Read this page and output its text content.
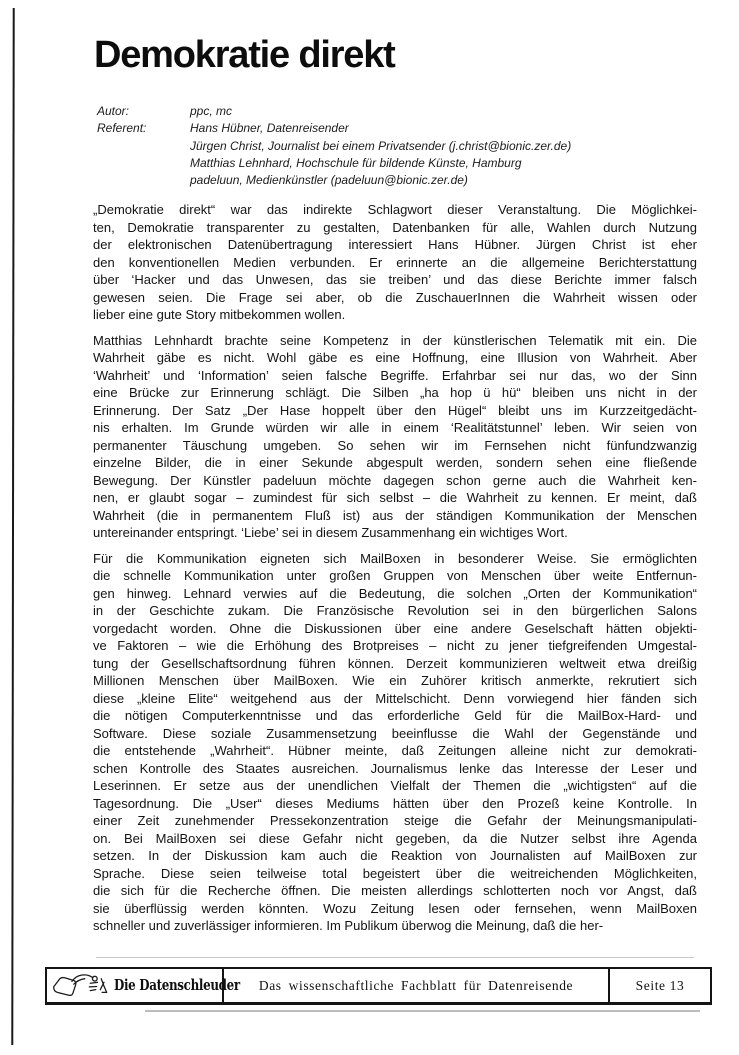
Demokratie direkt
Autor:	ppc, mc
Referent:	Hans Hübner, Datenreisender
Jürgen Christ, Journalist bei einem Privatsender (j.christ@bionic.zer.de)
Matthias Lehnhard, Hochschule für bildende Künste, Hamburg
padeluun, Medienkünstler (padeluun@bionic.zer.de)
„Demokratie direkt“ war das indirekte Schlagwort dieser Veranstaltung. Die Möglichkei-
ten, Demokratie transparenter zu gestalten, Datenbanken für alle, Wahlen durch Nutzung
der elektronischen Datenübertragung interessiert Hans Hübner. Jürgen Christ ist eher
den konventionellen Medien verbunden. Er erinnerte an die allgemeine Berichterstattung
über ‘Hacker und das Unwesen, das sie treiben’ und das diese Berichte immer falsch
gewesen seien. Die Frage sei aber, ob die ZuschauerInnen die Wahrheit wissen oder
lieber eine gute Story mitbekommen wollen.
Matthias Lehnhardt brachte seine Kompetenz in der künstlerischen Telematik mit ein. Die
Wahrheit gäbe es nicht. Wohl gäbe es eine Hoffnung, eine Illusion von Wahrheit. Aber
‘Wahrheit’ und ‘Information’ seien falsche Begriffe. Erfahrbar sei nur das, wo der Sinn
eine Brücke zur Erinnerung schlägt. Die Silben „ha hop ü hü“ bleiben uns nicht in der
Erinnerung. Der Satz „Der Hase hoppelt über den Hügel“ bleibt uns im Kurzzeitgedächt-
nis erhalten. Im Grunde würden wir alle in einem ‘Realitätstunnel’ leben. Wir seien von
permanenter Täuschung umgeben. So sehen wir im Fernsehen nicht fünfundzwanzig
einzelne Bilder, die in einer Sekunde abgespult werden, sondern sehen eine fließende
Bewegung. Der Künstler padeluun möchte dagegen schon gerne auch die Wahrheit ken-
nen, er glaubt sogar – zumindest für sich selbst – die Wahrheit zu kennen. Er meint, daß
Wahrheit (die in permanentem Fluß ist) aus der ständigen Kommunikation der Menschen
untereinander entspringt. ‘Liebe’ sei in diesem Zusammenhang ein wichtiges Wort.
Für die Kommunikation eigneten sich MailBoxen in besonderer Weise. Sie ermöglichten
die schnelle Kommunikation unter großen Gruppen von Menschen über weite Entfernun-
gen hinweg. Lehnard verwies auf die Bedeutung, die solchen „Orten der Kommunikation“
in der Geschichte zukam. Die Französische Revolution sei in den bürgerlichen Salons
vorgedacht worden. Ohne die Diskussionen über eine andere Geselschaft hätten objekti-
ve Faktoren – wie die Erhöhung des Brotpreises – nicht zu jener tiefgreifenden Umgestal-
tung der Gesellschaftsordnung führen können. Derzeit kommunizieren weltweit etwa dreißig
Millionen Menschen über MailBoxen. Wie ein Zuhörer kritisch anmerkte, rekrutiert sich
diese „kleine Elite“ weitgehend aus der Mittelschicht. Denn vorwiegend hier fänden sich
die nötigen Computerkenntnisse und das erforderliche Geld für die MailBox-Hard- und
Software. Diese soziale Zusammensetzung beeinflusse die Wahl der Gegenstände und
die entstehende „Wahrheit“. Hübner meinte, daß Zeitungen alleine nicht zur demokrati-
schen Kontrolle des Staates ausreichen. Journalismus lenke das Interesse der Leser und
Leserinnen. Er setze aus der unendlichen Vielfalt der Themen die „wichtigsten“ auf die
Tagesordnung. Die „User“ dieses Mediums hätten über den Prozeß keine Kontrolle. In
einer Zeit zunehmender Pressekonzentration steige die Gefahr der Meinungsmanipulati-
on. Bei MailBoxen sei diese Gefahr nicht gegeben, da die Nutzer selbst ihre Agenda
setzen. In der Diskussion kam auch die Reaktion von Journalisten auf MailBoxen zur
Sprache. Diese seien teilweise total begeistert über die weitreichenden Möglichkeiten,
die sich für die Recherche öffnen. Die meisten allerdings schlotterten noch vor Angst, daß
sie überflüssig werden könnten. Wozu Zeitung lesen oder fernsehen, wenn MailBoxen
schneller und zuverlässiger informieren. Im Publikum überwog die Meinung, daß die her-
Die Datenschleuder Das wissenschaftliche Fachblatt für Datenreisende	Seite 13
